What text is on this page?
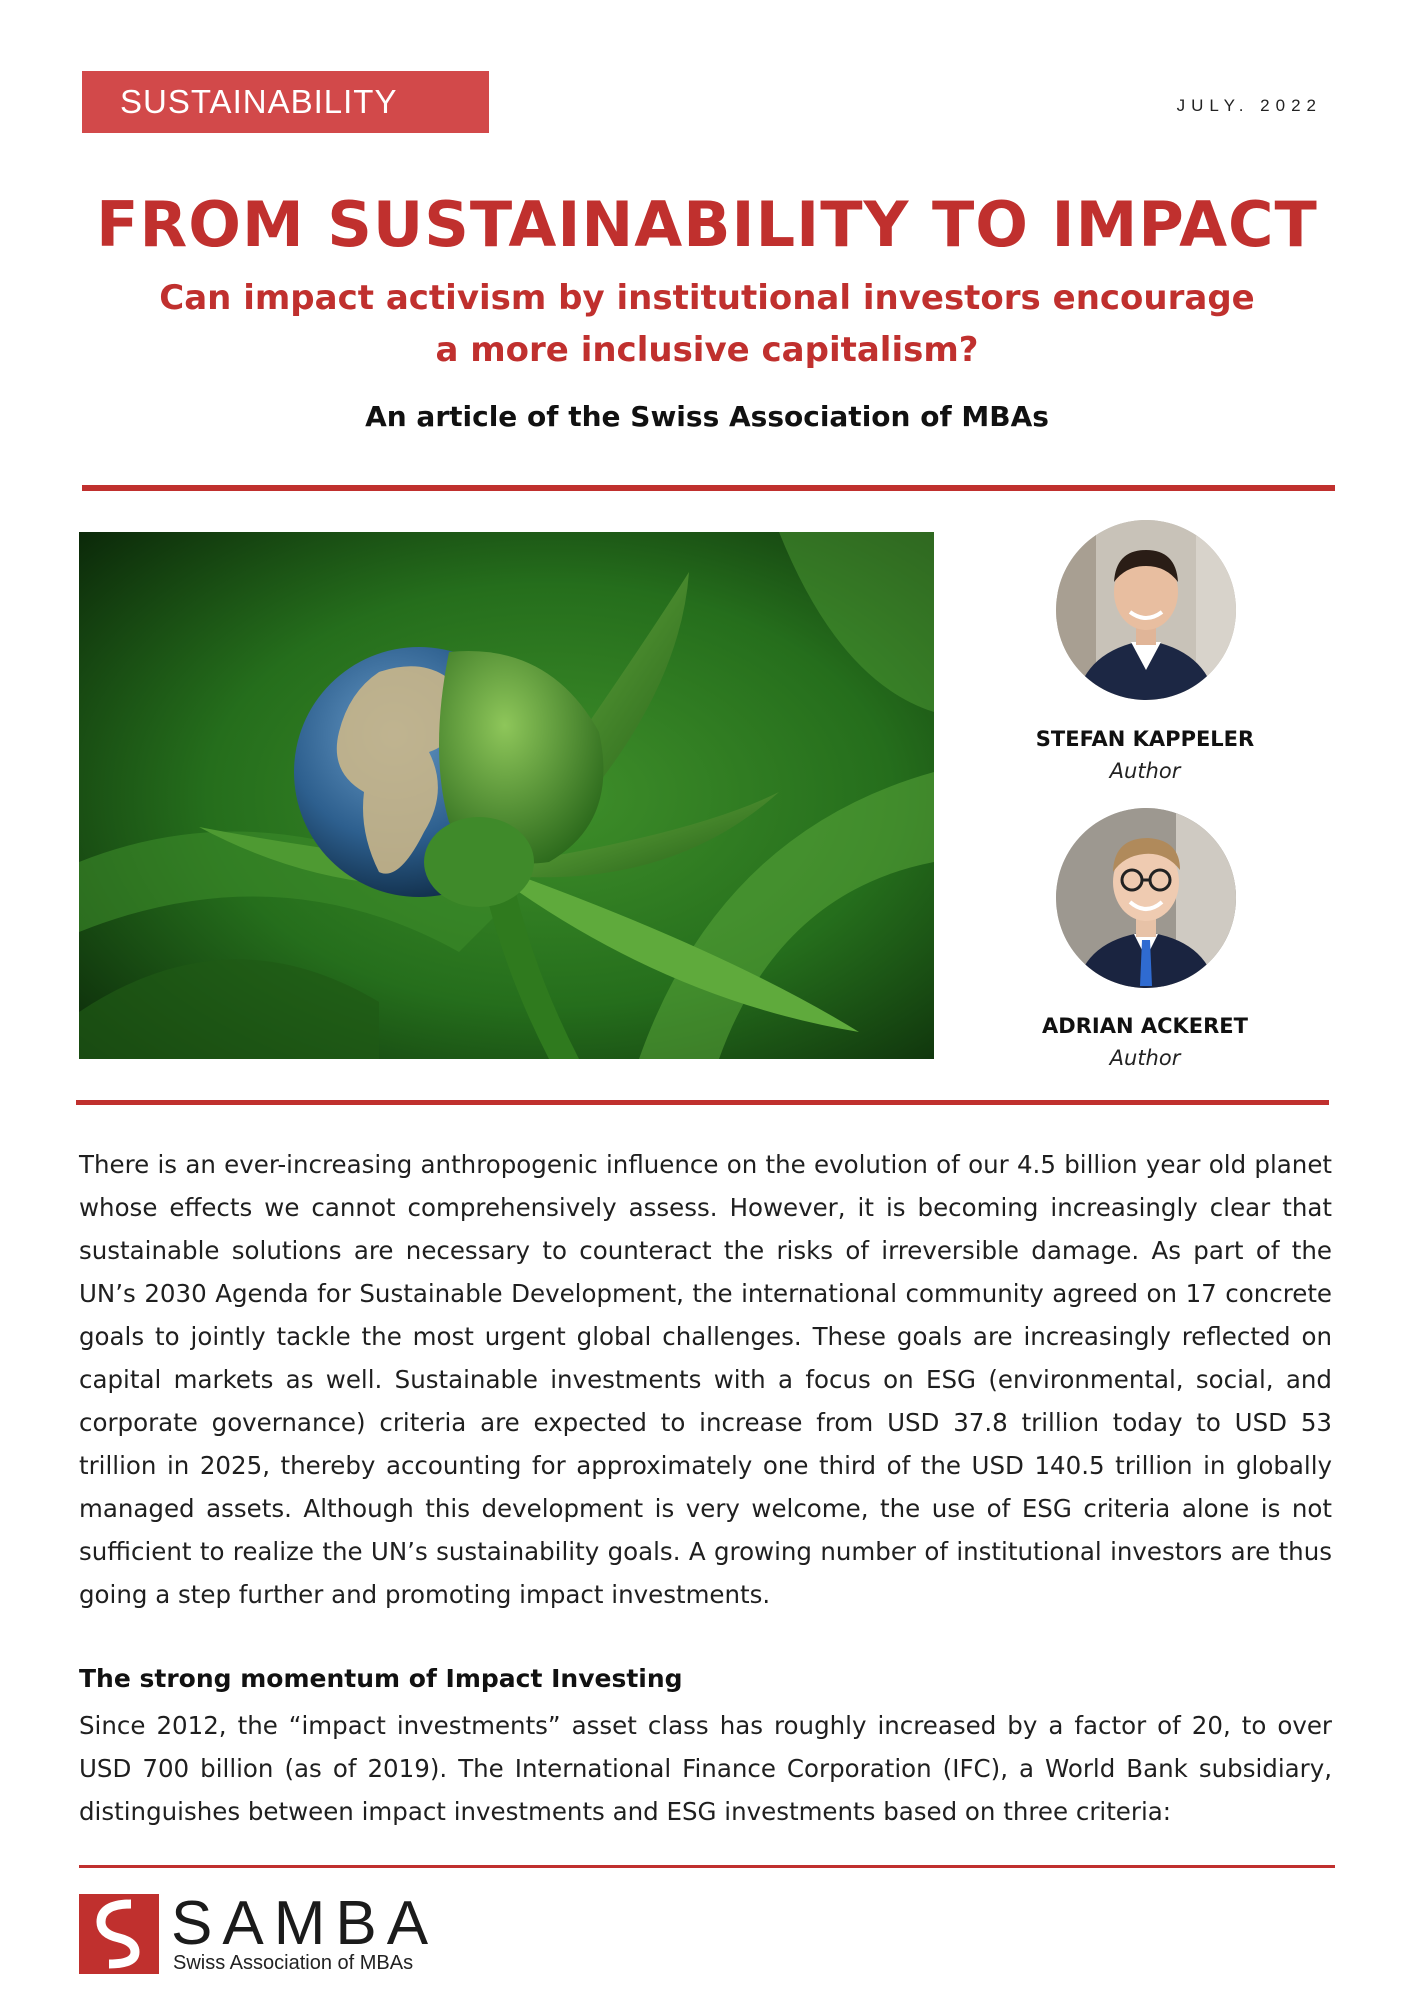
SUSTAINABILITY	JULY. 2022
FROM SUSTAINABILITY TO IMPACT
Can impact activism by institutional investors encourage a more inclusive capitalism?
An article of the Swiss Association of MBAs
STEFAN KAPPELER
Author
ADRIAN ACKERET
Author

There is an ever-increasing anthropogenic influence on the evolution of our 4.5 billion year old planet whose effects we cannot comprehensively assess. However, it is becoming increasingly clear that sustainable solutions are necessary to counteract the risks of irreversible damage. As part of the UN’s 2030 Agenda for Sustainable Development, the international community agreed on 17 concrete goals to jointly tackle the most urgent global challenges. These goals are increasingly reflected on capital markets as well. Sustainable investments with a focus on ESG (environmental, social, and corporate governance) criteria are expected to increase from USD 37.8 trillion today to USD 53 trillion in 2025, thereby accounting for approximately one third of the USD 140.5 trillion in globally managed assets. Although this development is very welcome, the use of ESG criteria alone is not sufficient to realize the UN’s sustainability goals. A growing number of institutional investors are thus going a step further and promoting impact investments.

The strong momentum of Impact Investing

Since 2012, the “impact investments” asset class has roughly increased by a factor of 20, to over USD 700 billion (as of 2019). The International Finance Corporation (IFC), a World Bank subsidiary, distinguishes between impact investments and ESG investments based on three criteria:

SAMBA
Swiss Association of MBAs
